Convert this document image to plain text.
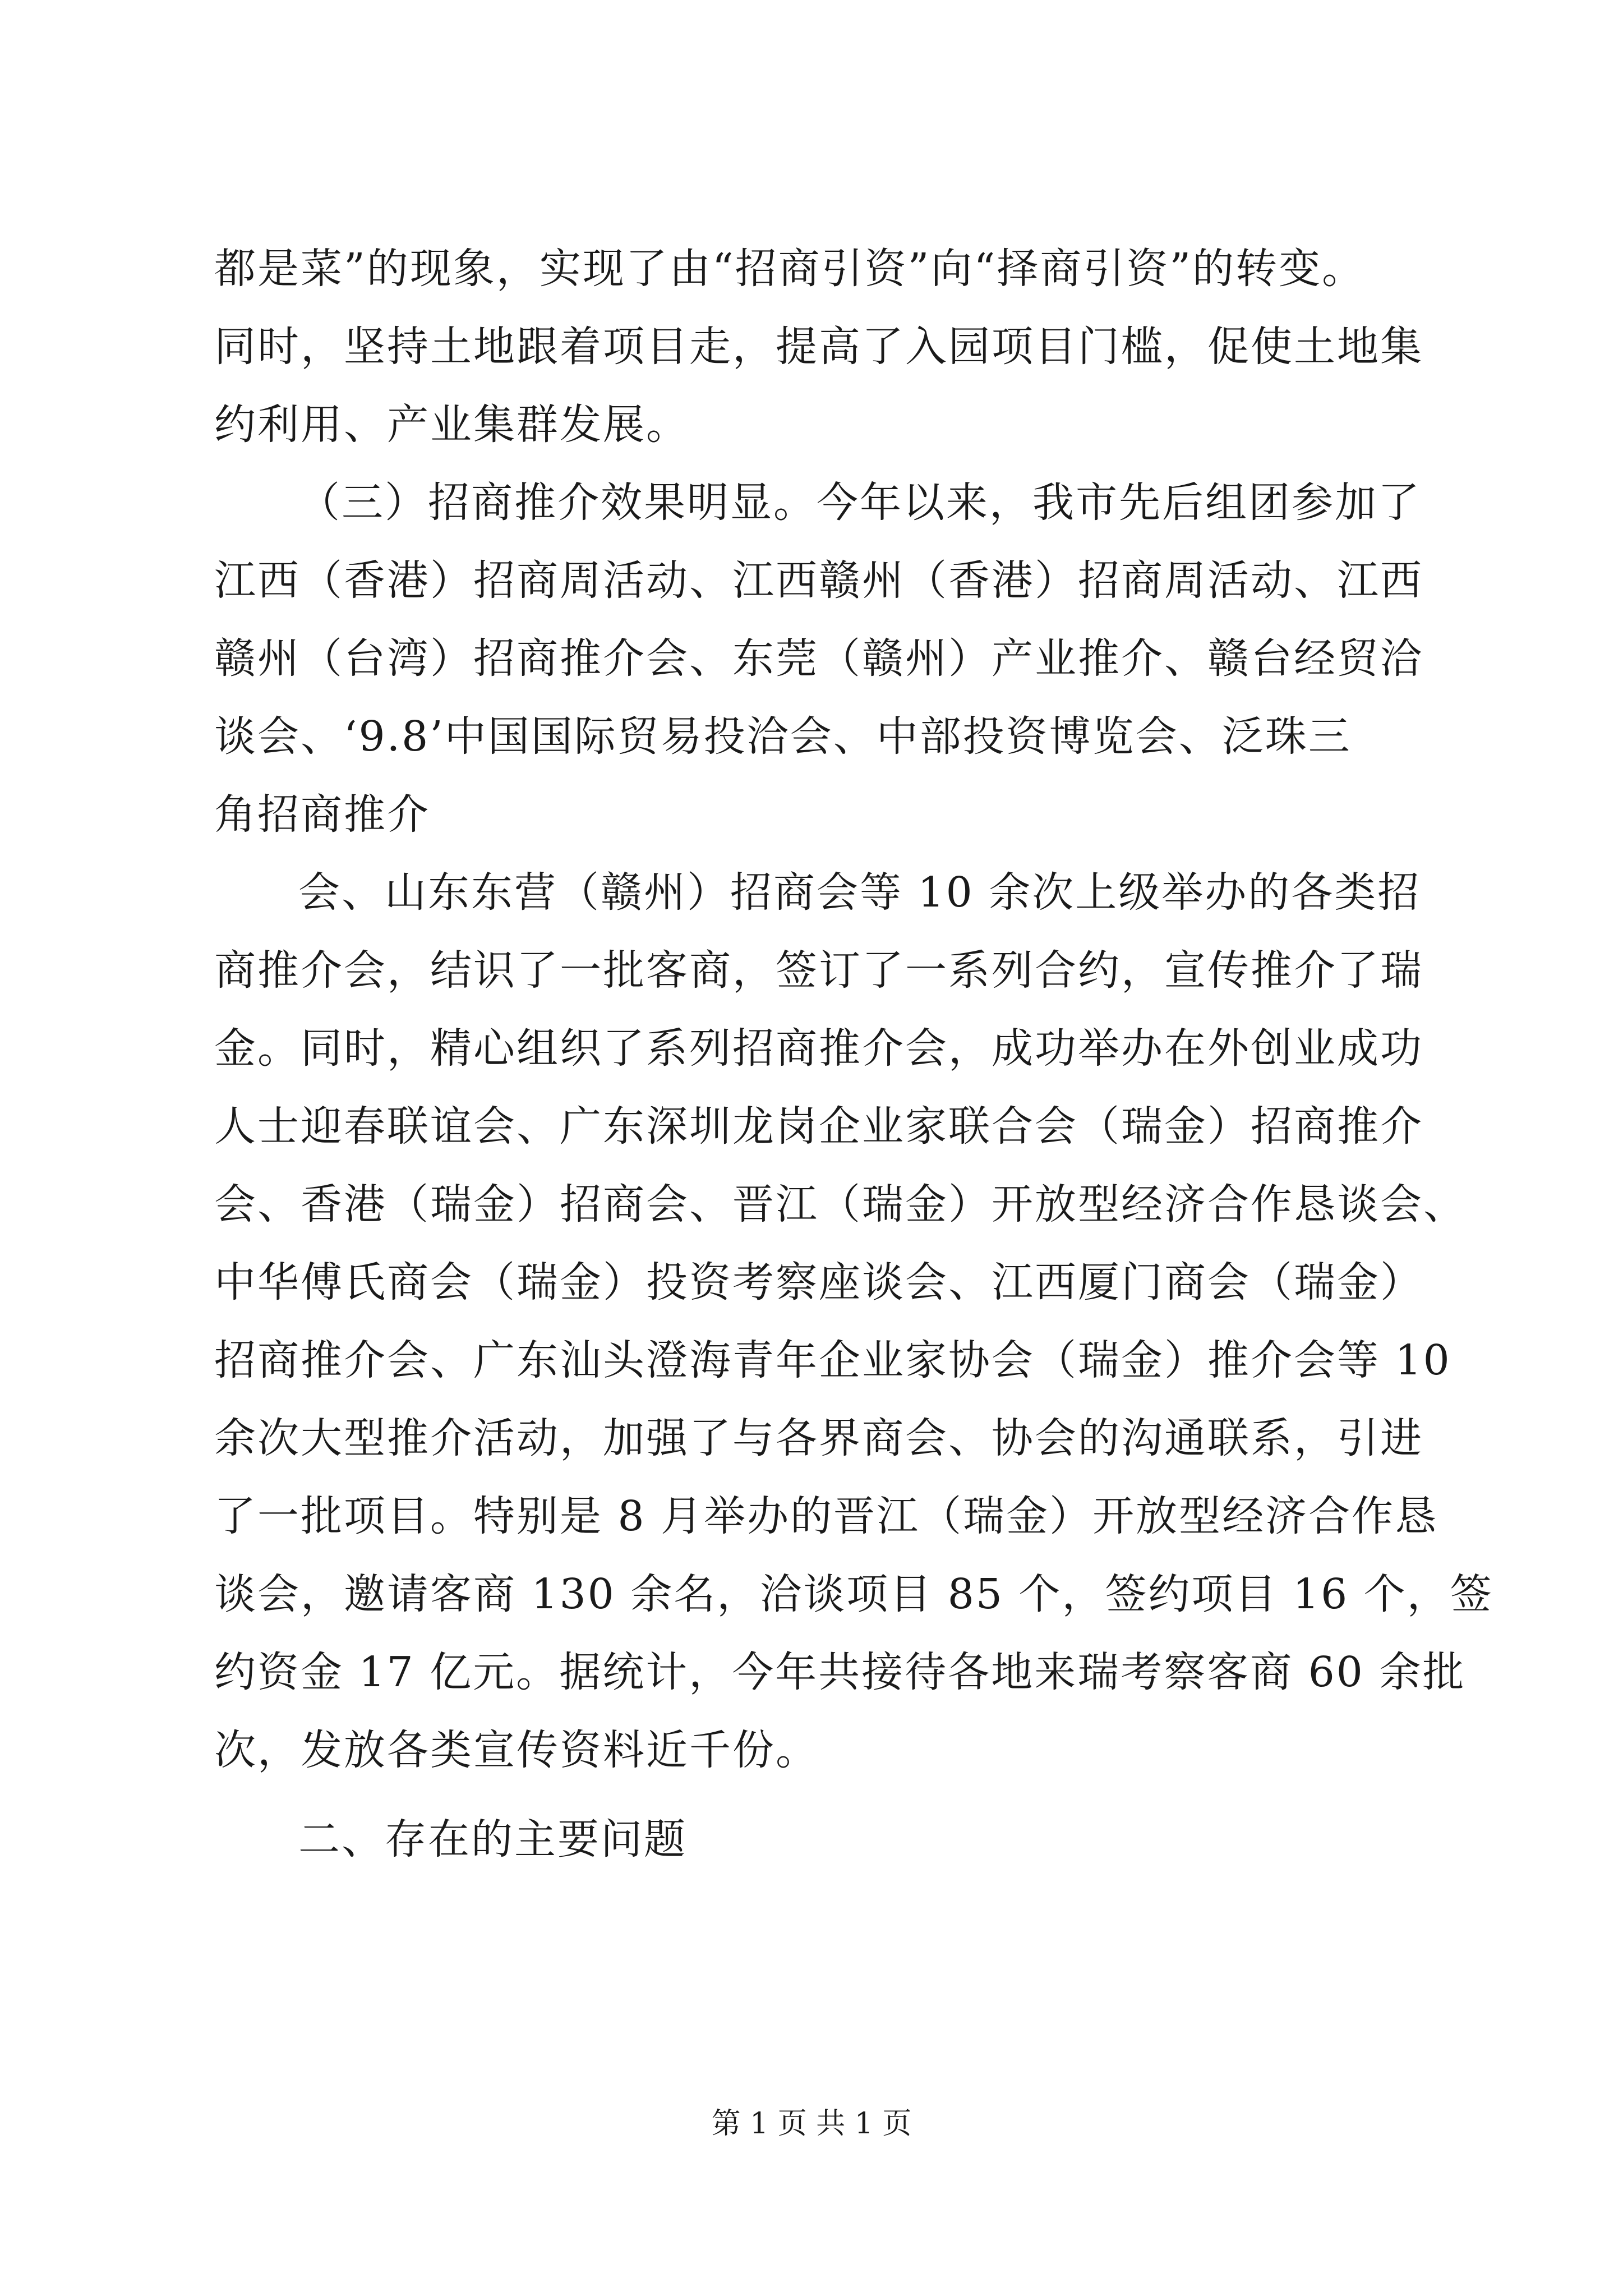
都是菜”的现象，实现了由“招商引资”向“择商引资”的转变。
同时，坚持土地跟着项目走，提高了入园项目门槛，促使土地集
约利用、产业集群发展。
（三）招商推介效果明显。今年以来，我市先后组团参加了
江西（香港）招商周活动、江西赣州（香港）招商周活动、江西
赣州（台湾）招商推介会、东莞（赣州）产业推介、赣台经贸洽
谈会、‘9.8’中国国际贸易投洽会、中部投资博览会、泛珠三
角招商推介
会、山东东营（赣州）招商会等 10 余次上级举办的各类招
商推介会，结识了一批客商，签订了一系列合约，宣传推介了瑞
金。同时，精心组织了系列招商推介会，成功举办在外创业成功
人士迎春联谊会、广东深圳龙岗企业家联合会（瑞金）招商推介
会、香港（瑞金）招商会、晋江（瑞金）开放型经济合作恳谈会、
中华傅氏商会（瑞金）投资考察座谈会、江西厦门商会（瑞金）
招商推介会、广东汕头澄海青年企业家协会（瑞金）推介会等 10
余次大型推介活动，加强了与各界商会、协会的沟通联系，引进
了一批项目。特别是 8 月举办的晋江（瑞金）开放型经济合作恳
谈会，邀请客商 130 余名，洽谈项目 85 个，签约项目 16 个，签
约资金 17 亿元。据统计，今年共接待各地来瑞考察客商 60 余批
次，发放各类宣传资料近千份。
二、存在的主要问题
第 1 页 共 1 页
